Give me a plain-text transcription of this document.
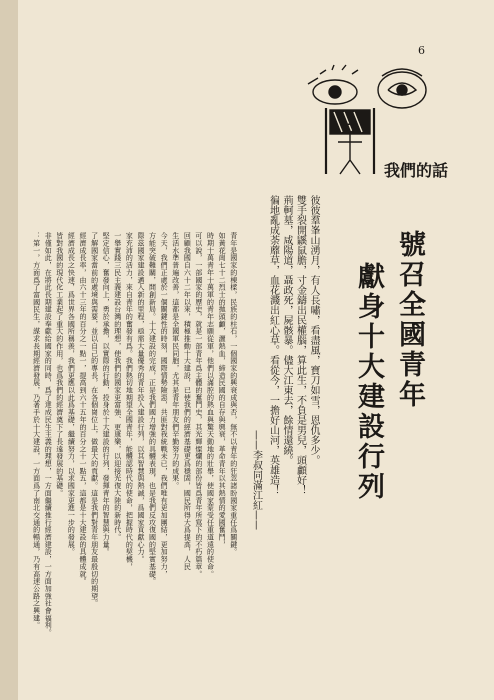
6
我們的話
號召全國青年
獻身十大建設行列
彼彼羣峯山湧月，有人長嘯，看盡風，寶刀如雪，恩仇多少。
雙手裂開鼷鼠膽，寸金鑄出民權腦，算此生，不負是男兒，頭顱好！
荊軻墓，咸陽道，聶政死，屍骸暴。儘大江東去，餘情還繞。
徧地亂成荼蘼草，血花濺出紅心草。看從今，一擔好山河，英雄造！
——李叔同滿江紅——
青年是國家的棟樑，民族的柱石，一個國家的興衰成與否，無不以青年的狂忽諸盼國家重任爲關鍵。
如黃花崗七十二烈士的拋頭顱，灑熱血，締造民國的自存與興衰，革命青年以其熱情的愛國奮鬥，
時期十萬青年十萬軍的青年志願從軍，他們以滿腔的熱血與驚天動地的壯舉，使國家蒙受任重道遠的使命。
可以說，一部國家的歷史，就是一部青年爲主體的奮鬥史，其光輝燦爛的部份皆爲青年所寫下的不朽篇章。
回顧我國自六十二年以來，積極推動十大建設，已使我們的經濟基礎更爲穩固，國民所得大爲提高，人民
生活水準普遍改善，這都是全國軍民同胞，尤其是青年朋友們辛勤努力的成果。
今天，我們正處於一個關鍵性的時刻，國際情勢險惡，共匪對我統戰未已，我們唯有更加團結，更加努力，
方能突破難關，開創新局。十大建設的完成，正是我們國力增強的具體表現，也是我們反攻復國的堅實基礎。
際茲國家建設邁入新的里程，亟需大量優秀的青年投入建設行列，以其智慧與熱誠，爲國家貢獻心力。
家充沛的活力，來自青年的奮發有爲。我們熱切地期望全國青年，能體認時代的使命，把握時代的契機，
一舉實踐三民主義建設台灣的理想，使我們的國家更富強、更康樂，以迎接光復大陸的新時代。
堅定信心，奮發向上，勇於承擔，以實際的行動，投身於十大建設的行列，發揮青年的智慧與力量。
了解國家當前的處境與需要，並以自己的專長，在各個崗位上，做最大的貢獻。這是我們對青年朋友最殷切的期望。
經濟成長率，由六十三年的百分之一點一，提高到六十五年的百分之十一點五，這都是十大建設的具體成就。
經濟成長之快速，爲世界各國所稱羨，我們更應以此爲基礎，繼續努力，以求國家更進一步的發展。
皆對我國的現代化工業起了重大的作用，也爲我們的經濟奠下了長遠發展的基礎。
非僅如此，在將此長期建設奉獻給國家的同時，爲了達成民生主義的理想，一方面繼續推行經濟建設，一方面加強社會福利。
：第一，方面爲了富國民生，謀求長期經濟發展，乃著手於十大建設，一方面爲了南北交通的暢通，乃有高速公路之興建。
